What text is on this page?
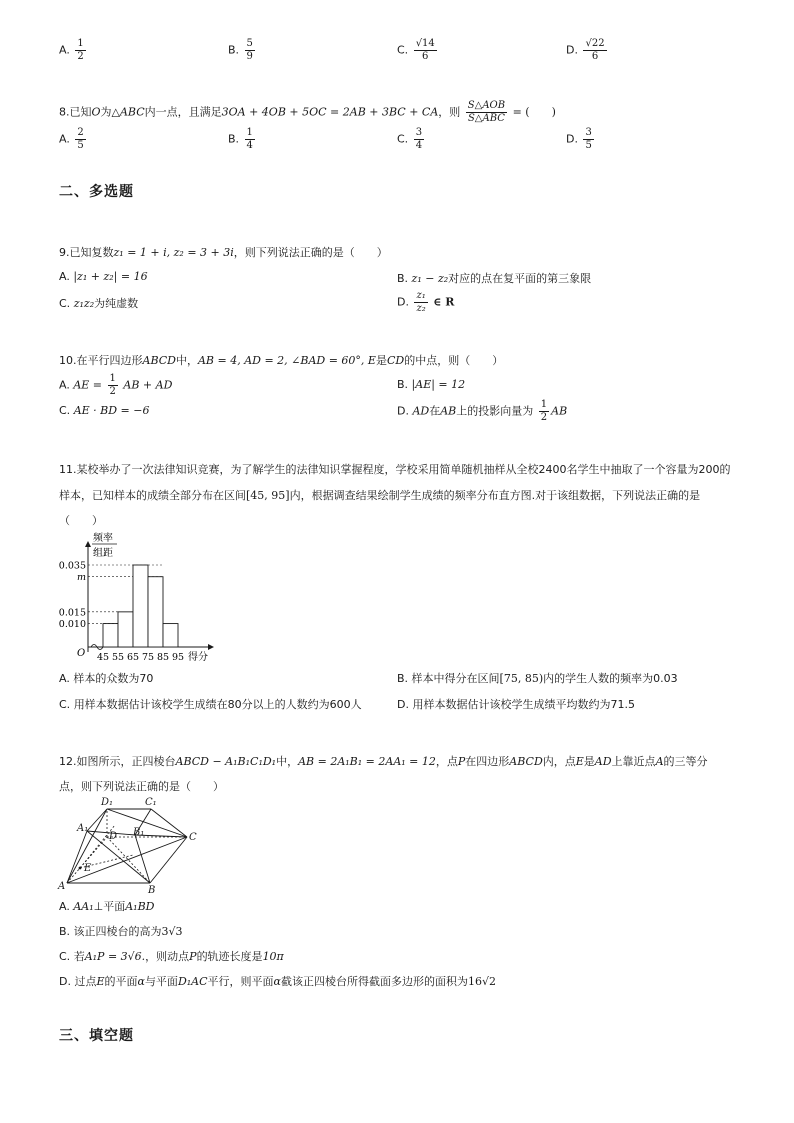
A. $\frac{1}{2}$	B. $\frac{5}{9}$	C. $\frac{√14}{6}$	D. $\frac{√22}{6}$
8.已知O为△ABC内一点，且满足3OA + 4OB + 5OC = 2AB + 3BC + CA，则 $\frac{\text{S△AOB}}{\text{S△ABC}}$ = (　　)
A. $\frac{2}{5}$	B. $\frac{1}{4}$	C. $\frac{3}{4}$	D. $\frac{3}{5}$
二、多选题
9.已知复数z₁ = 1 + i, z₂ = 3 + 3i，则下列说法正确的是（　　）
A. |z₁ + z₂| = 16	B. z₁ − z₂对应的点在复平面的第三象限
C. z₁z₂为纯虚数	D. $\frac{\text{z₁}}{\text{z₂}}$ ∈ R
10.在平行四边形ABCD中，AB = 4, AD = 2, ∠BAD = 60°, E是CD的中点，则（　　）
A. AE = $\frac{1}{2}$ AB + AD	B. |AE| = 12
C. AE · BD = −6	D. AD在AB上的投影向量为 $\frac{1}{2}$ AB
11.某校举办了一次法律知识竞赛，为了解学生的法律知识掌握程度，学校采用简单随机抽样从全校2400名学生中抽取了一个容量为200的
样本，已知样本的成绩全部分布在区间[45, 95]内，根据调查结果绘制学生成绩的频率分布直方图.对于该组数据，下列说法正确的是
（　　）
频率
组距
O
0.035
m
0.015
0.010
45 55 65 75 85 95 得分
A. 样本的众数为70	B. 样本中得分在区间[75, 85)内的学生人数的频率为0.03
C. 用样本数据估计该校学生成绩在80分以上的人数约为600人	D. 用样本数据估计该校学生成绩平均数约为71.5
12.如图所示，正四棱台ABCD − A₁B₁C₁D₁中，AB = 2A₁B₁ = 2AA₁ = 12，点P在四边形ABCD内，点E是AD上靠近点A的三等分
点，则下列说法正确的是（　　）
D₁	C₁
A₁
D B₁	C
E
A	B
A. AA₁⊥平面A₁BD
B. 该正四棱台的高为3√3
C. 若A₁P = 3√6.，则动点P的轨迹长度是10π
D. 过点E的平面α与平面D₁AC平行，则平面α截该正四棱台所得截面多边形的面积为16√2
三、填空题
